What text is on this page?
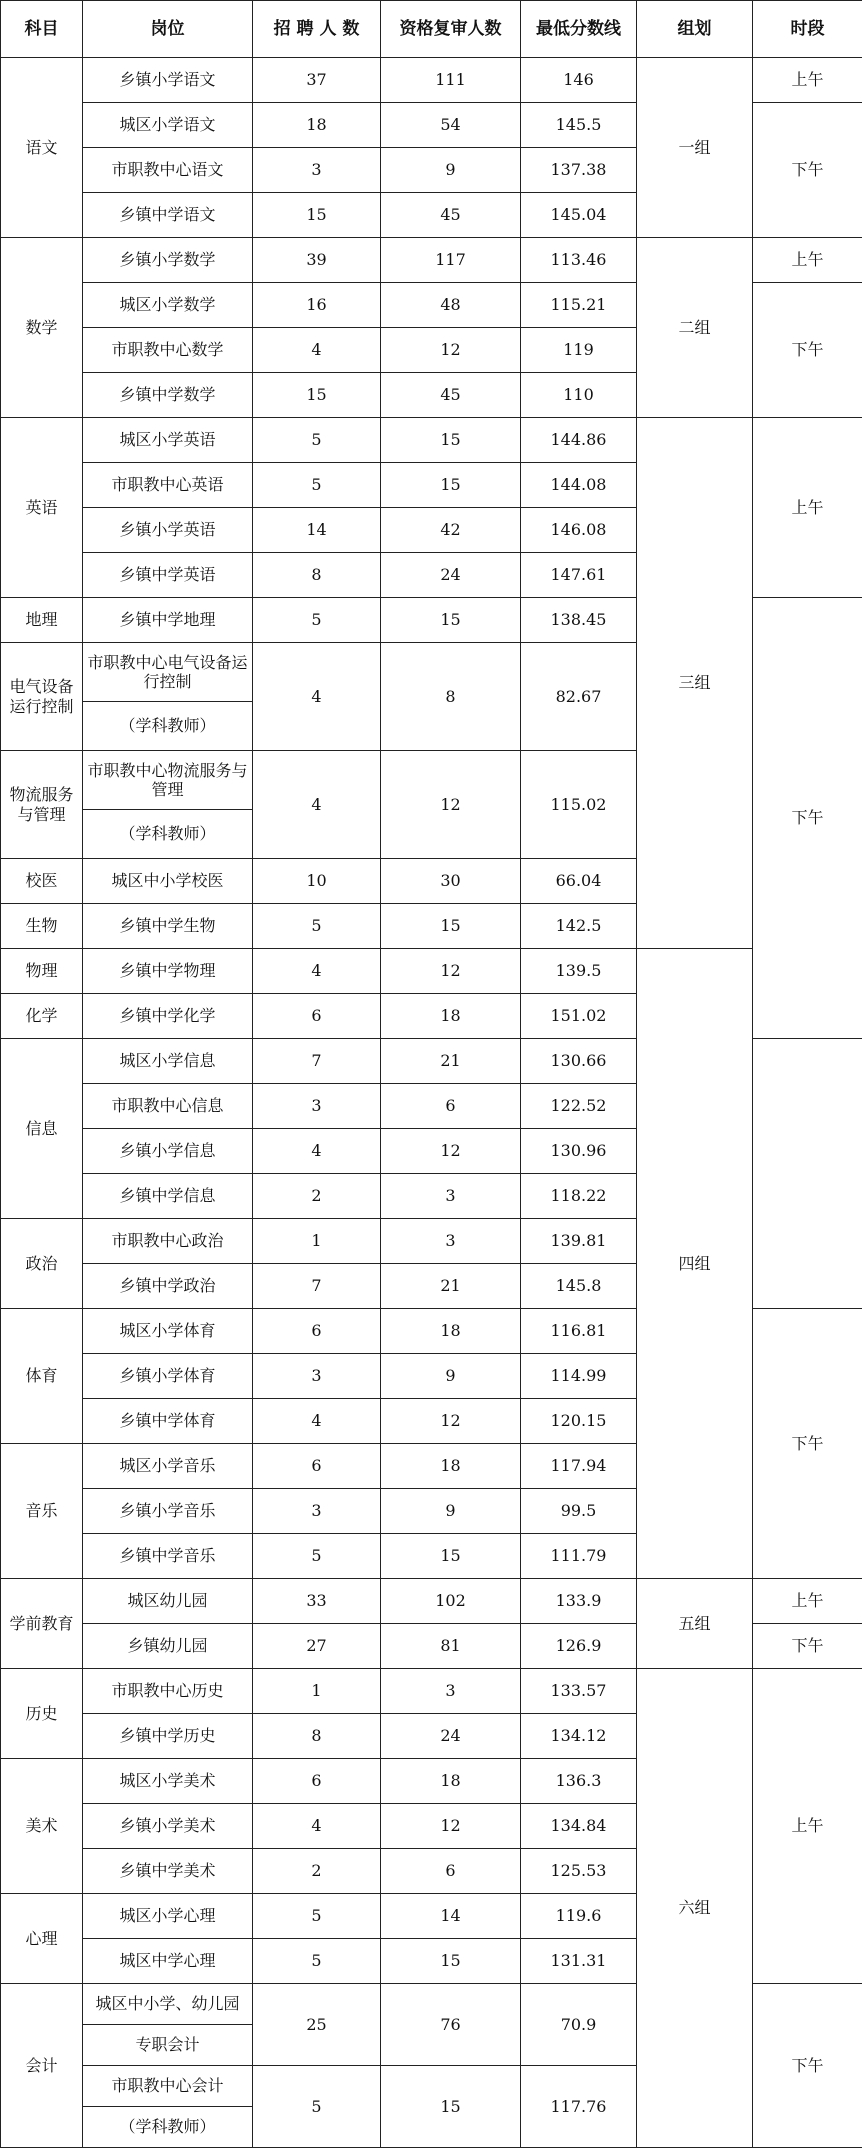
科目	岗位	招 聘 人 数	资格复审人数	最低分数线	组划	时段	
语文	乡镇小学语文	37	111	146	一组	上午	
	城区小学语文	18	54	145.5		下午	
	市职教中心语文	3	9	137.38			
	乡镇中学语文	15	45	145.04			
数学	乡镇小学数学	39	117	113.46	二组	上午	
	城区小学数学	16	48	115.21		下午	
	市职教中心数学	4	12	119			
	乡镇中学数学	15	45	110			
英语	城区小学英语	5	15	144.86	三组	上午	
	市职教中心英语	5	15	144.08			
	乡镇小学英语	14	42	146.08			
	乡镇中学英语	8	24	147.61			
地理	乡镇中学地理	5	15	138.45		下午	
电气设备运行控制	市职教中心电气设备运行控制	4	8	82.67			
	（学科教师）						
物流服务与管理	市职教中心物流服务与管理	4	12	115.02			
	（学科教师）						
校医	城区中小学校医	10	30	66.04			
生物	乡镇中学生物	5	15	142.5			
物理	乡镇中学物理	4	12	139.5	四组	
化学	乡镇中学化学	6	18	151.02			
信息	城区小学信息	7	21	130.66			
	市职教中心信息	3	6	122.52			
	乡镇小学信息	4	12	130.96			
	乡镇中学信息	2	3	118.22			
政治	市职教中心政治	1	3	139.81			
	乡镇中学政治	7	21	145.8			
体育	城区小学体育	6	18	116.81		下午	
	乡镇小学体育	3	9	114.99			
	乡镇中学体育	4	12	120.15			
音乐	城区小学音乐	6	18	117.94			
	乡镇小学音乐	3	9	99.5			
	乡镇中学音乐	5	15	111.79			
学前教育	城区幼儿园	33	102	133.9	五组	上午	
	乡镇幼儿园	27	81	126.9		下午	
历史	市职教中心历史	1	3	133.57	六组	上午	
	乡镇中学历史	8	24	134.12			
美术	城区小学美术	6	18	136.3			
	乡镇小学美术	4	12	134.84			
	乡镇中学美术	2	6	125.53			
心理	城区小学心理	5	14	119.6			
	城区中学心理	5	15	131.31			
会计	城区中小学、幼儿园	25	76	70.9		下午	
	专职会计						
	市职教中心会计	5	15	117.76			
	（学科教师）						
